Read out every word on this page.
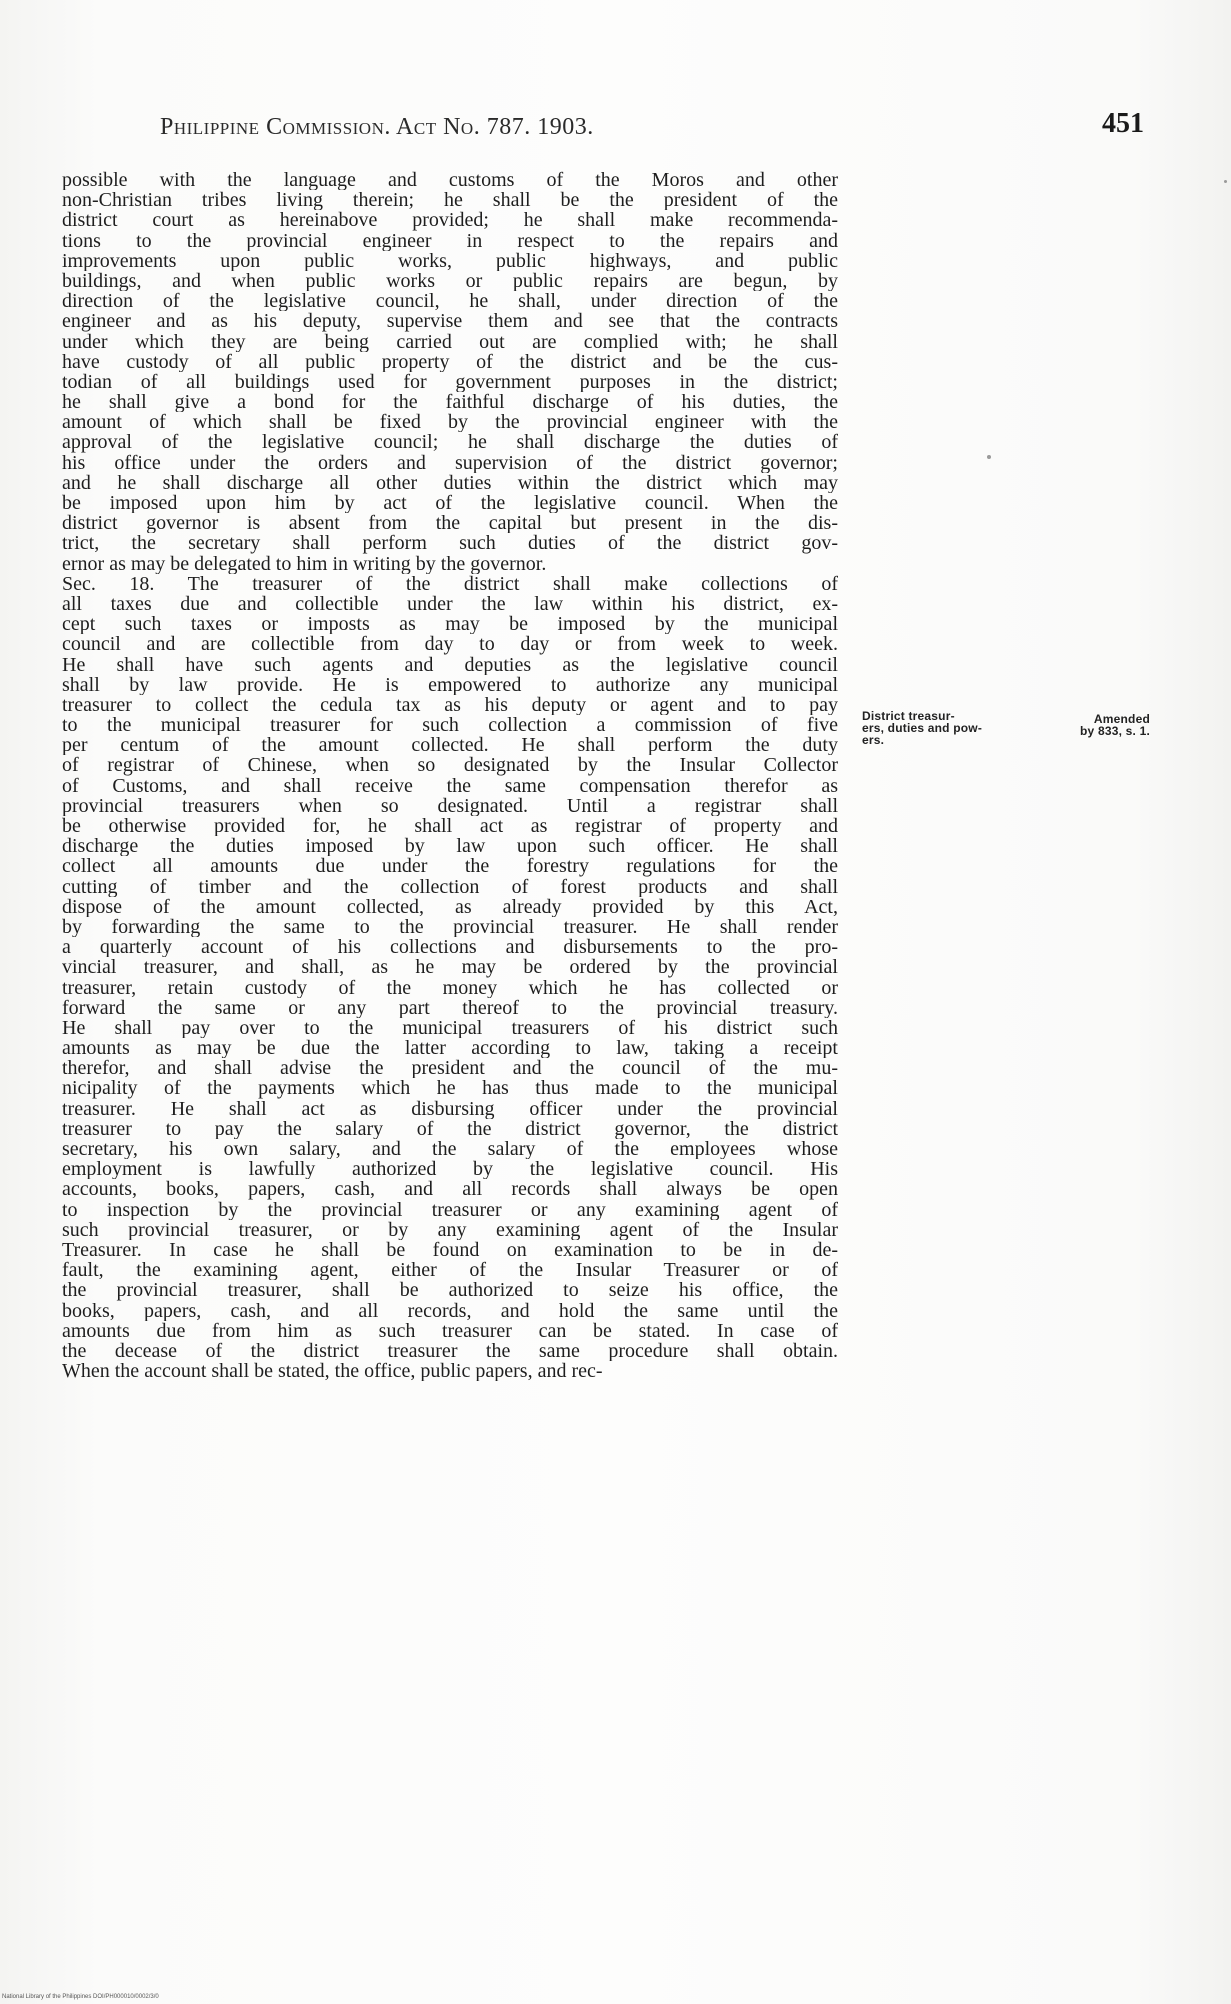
Philippine Commission. Act No. 787. 1903.	451
possible with the language and customs of the Moros and other
non-Christian tribes living therein; he shall be the president of the
district court as hereinabove provided; he shall make recommenda-
tions to the provincial engineer in respect to the repairs and
improvements upon public works, public highways, and public
buildings, and when public works or public repairs are begun, by
direction of the legislative council, he shall, under direction of the
engineer and as his deputy, supervise them and see that the contracts
under which they are being carried out are complied with; he shall
have custody of all public property of the district and be the cus-
todian of all buildings used for government purposes in the district;
he shall give a bond for the faithful discharge of his duties, the
amount of which shall be fixed by the provincial engineer with the
approval of the legislative council; he shall discharge the duties of
his office under the orders and supervision of the district governor;
and he shall discharge all other duties within the district which may
be imposed upon him by act of the legislative council. When the
district governor is absent from the capital but present in the dis-
trict, the secretary shall perform such duties of the district gov-
ernor as may be delegated to him in writing by the governor.
Sec. 18. The treasurer of the district shall make collections of
all taxes due and collectible under the law within his district, ex-
cept such taxes or imposts as may be imposed by the municipal
council and are collectible from day to day or from week to week.
He shall have such agents and deputies as the legislative council
shall by law provide. He is empowered to authorize any municipal
treasurer to collect the cedula tax as his deputy or agent and to pay
to the municipal treasurer for such collection a commission of five
per centum of the amount collected. He shall perform the duty
of registrar of Chinese, when so designated by the Insular Collector
of Customs, and shall receive the same compensation therefor as
provincial treasurers when so designated. Until a registrar shall
be otherwise provided for, he shall act as registrar of property and
discharge the duties imposed by law upon such officer. He shall
collect all amounts due under the forestry regulations for the
cutting of timber and the collection of forest products and shall
dispose of the amount collected, as already provided by this Act,
by forwarding the same to the provincial treasurer. He shall render
a quarterly account of his collections and disbursements to the pro-
vincial treasurer, and shall, as he may be ordered by the provincial
treasurer, retain custody of the money which he has collected or
forward the same or any part thereof to the provincial treasury.
He shall pay over to the municipal treasurers of his district such
amounts as may be due the latter according to law, taking a receipt
therefor, and shall advise the president and the council of the mu-
nicipality of the payments which he has thus made to the municipal
treasurer. He shall act as disbursing officer under the provincial
treasurer to pay the salary of the district governor, the district
secretary, his own salary, and the salary of the employees whose
employment is lawfully authorized by the legislative council. His
accounts, books, papers, cash, and all records shall always be open
to inspection by the provincial treasurer or any examining agent of
such provincial treasurer, or by any examining agent of the Insular
Treasurer. In case he shall be found on examination to be in de-
fault, the examining agent, either of the Insular Treasurer or of
the provincial treasurer, shall be authorized to seize his office, the
books, papers, cash, and all records, and hold the same until the
amounts due from him as such treasurer can be stated. In case of
the decease of the district treasurer the same procedure shall obtain.
When the account shall be stated, the office, public papers, and rec-
District treasur-
ers, duties and pow-
ers.
Amended
by 833, s. 1.
National Library of the Philippines DOI/PH000010/0002/3/0
